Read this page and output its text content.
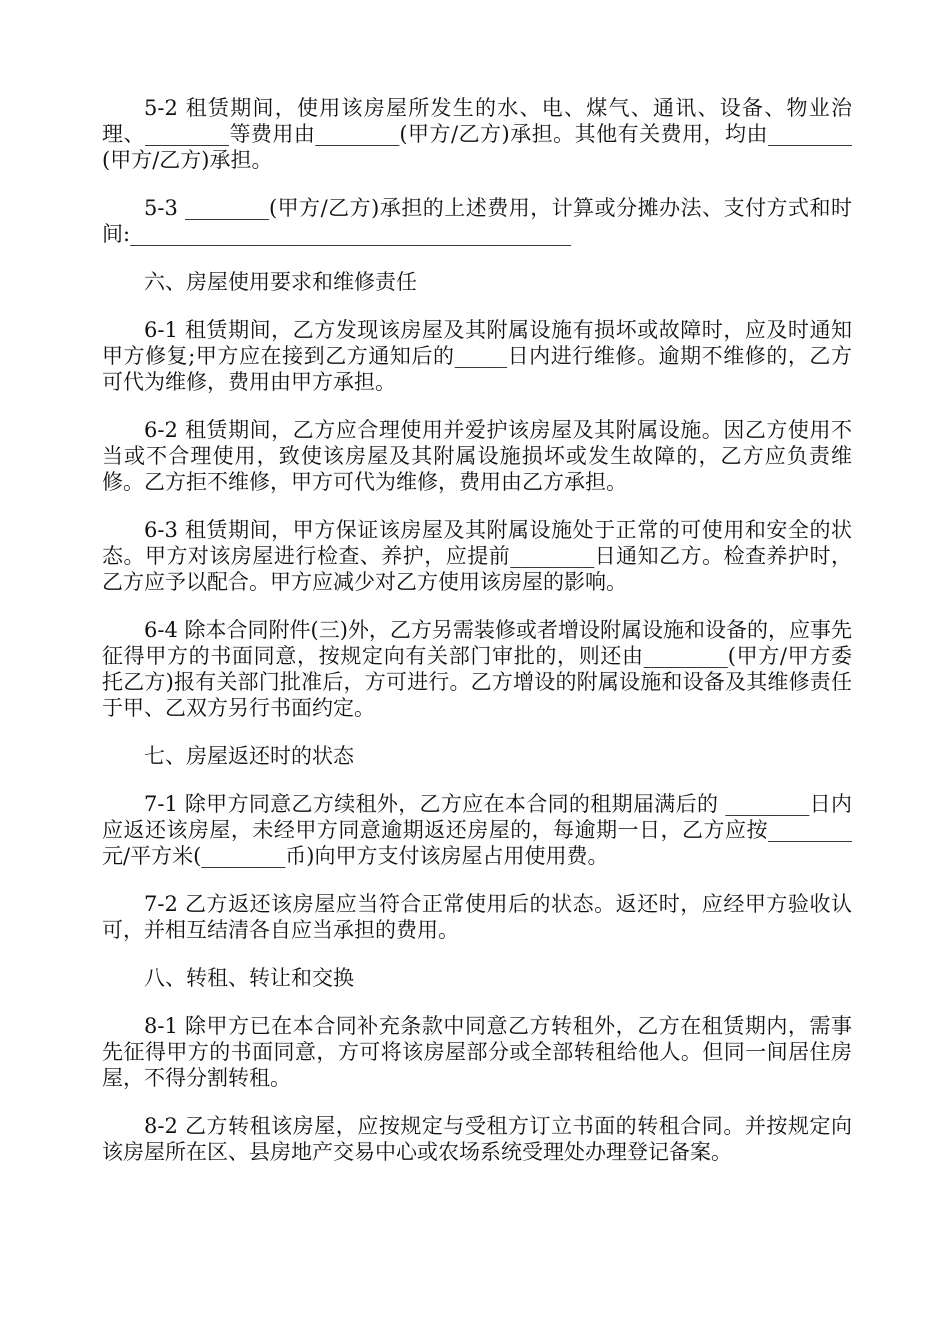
5-2 租赁期间，使用该房屋所发生的水、电、煤气、通讯、设备、物业治理、________等费用由________(甲方/乙方)承担。其他有关费用，均由________(甲方/乙方)承担。

5-3 ________(甲方/乙方)承担的上述费用，计算或分摊办法、支付方式和时间:__________________________________________

六、房屋使用要求和维修责任

6-1 租赁期间，乙方发现该房屋及其附属设施有损坏或故障时，应及时通知甲方修复;甲方应在接到乙方通知后的_____日内进行维修。逾期不维修的，乙方可代为维修，费用由甲方承担。

6-2 租赁期间，乙方应合理使用并爱护该房屋及其附属设施。因乙方使用不当或不合理使用，致使该房屋及其附属设施损坏或发生故障的，乙方应负责维修。乙方拒不维修，甲方可代为维修，费用由乙方承担。

6-3 租赁期间，甲方保证该房屋及其附属设施处于正常的可使用和安全的状态。甲方对该房屋进行检查、养护，应提前________日通知乙方。检查养护时，乙方应予以配合。甲方应减少对乙方使用该房屋的影响。

6-4 除本合同附件(三)外，乙方另需装修或者增设附属设施和设备的，应事先征得甲方的书面同意，按规定向有关部门审批的，则还由________(甲方/甲方委托乙方)报有关部门批准后，方可进行。乙方增设的附属设施和设备及其维修责任于甲、乙双方另行书面约定。

七、房屋返还时的状态

7-1 除甲方同意乙方续租外，乙方应在本合同的租期届满后的 ________日内应返还该房屋，未经甲方同意逾期返还房屋的，每逾期一日，乙方应按________元/平方米(________币)向甲方支付该房屋占用使用费。

7-2 乙方返还该房屋应当符合正常使用后的状态。返还时，应经甲方验收认可，并相互结清各自应当承担的费用。

八、转租、转让和交换

8-1 除甲方已在本合同补充条款中同意乙方转租外，乙方在租赁期内，需事先征得甲方的书面同意，方可将该房屋部分或全部转租给他人。但同一间居住房屋，不得分割转租。

8-2 乙方转租该房屋，应按规定与受租方订立书面的转租合同。并按规定向该房屋所在区、县房地产交易中心或农场系统受理处办理登记备案。
